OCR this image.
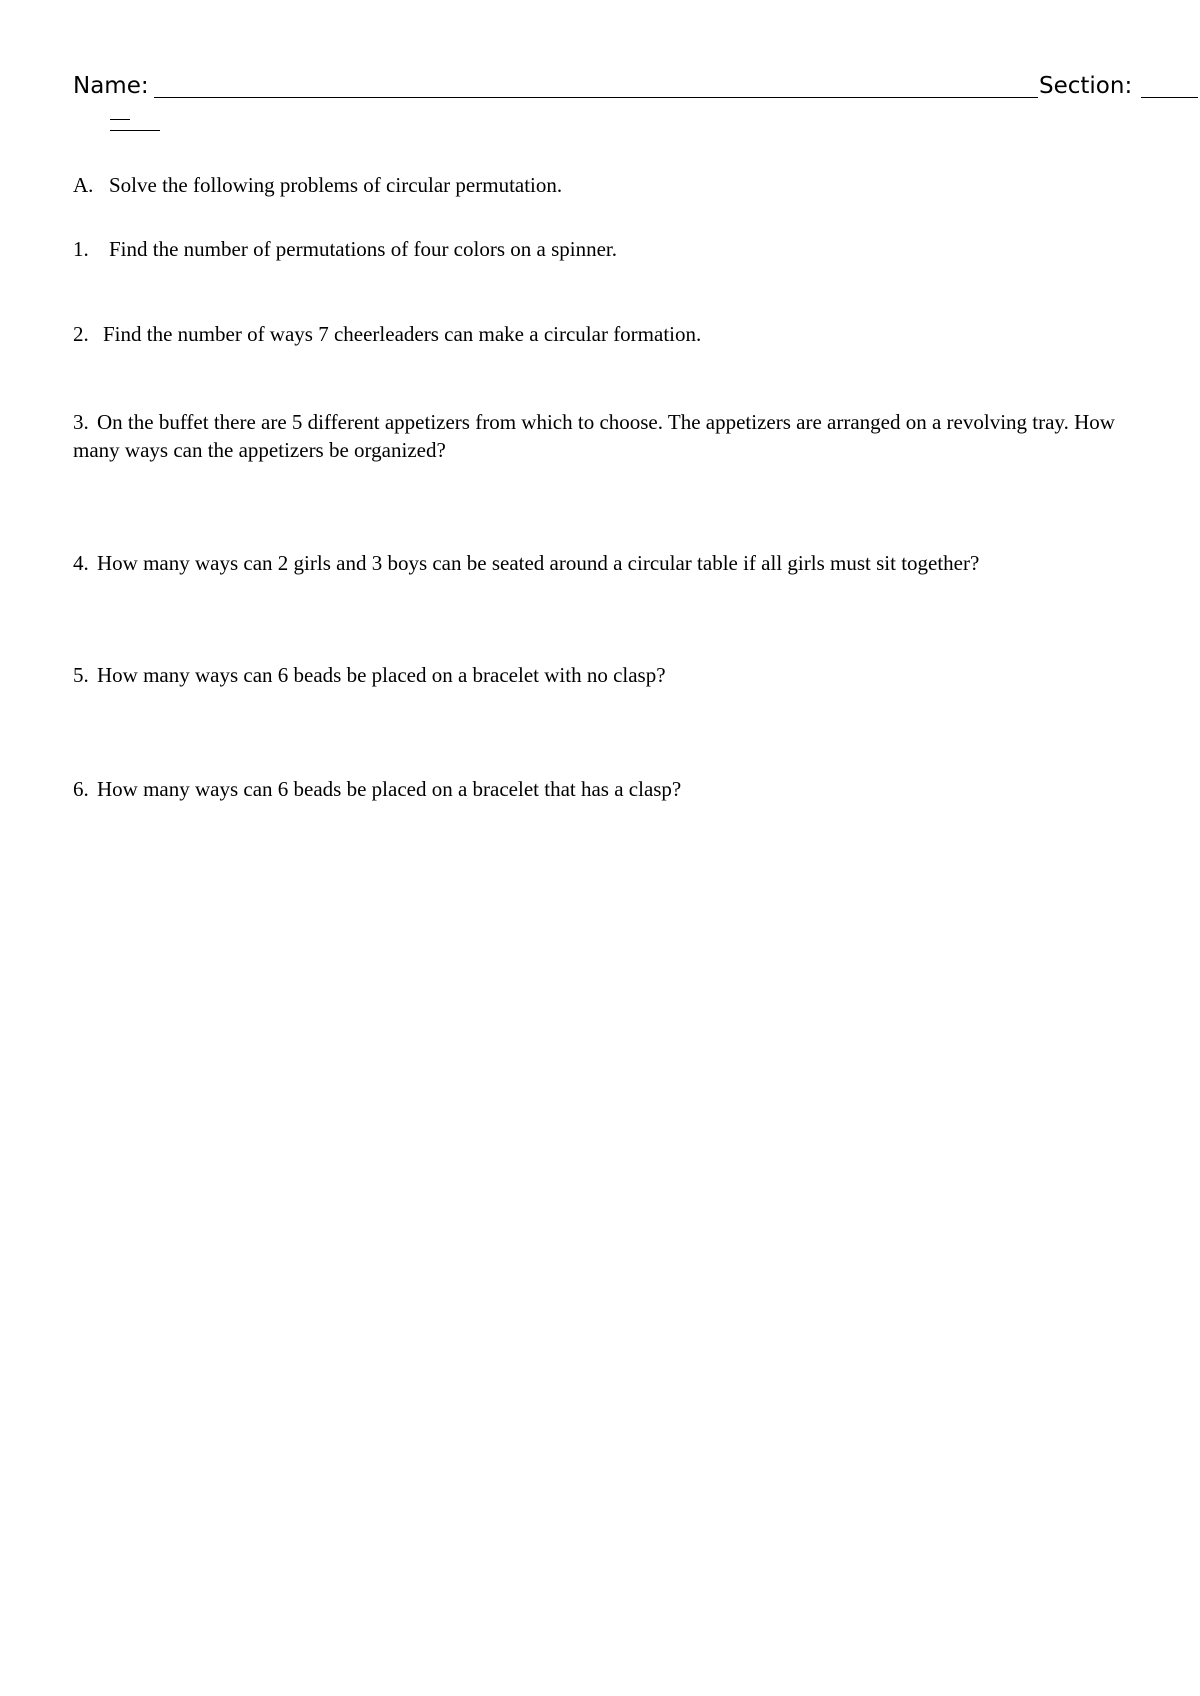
Name:	Section:
A. Solve the following problems of circular permutation.
1. Find the number of permutations of four colors on a spinner.
2. Find the number of ways 7 cheerleaders can make a circular formation.
3. On the buffet there are 5 different appetizers from which to choose. The appetizers are arranged on a revolving tray. How many ways can the appetizers be organized?
4. How many ways can 2 girls and 3 boys can be seated around a circular table if all girls must sit together?
5. How many ways can 6 beads be placed on a bracelet with no clasp?
6. How many ways can 6 beads be placed on a bracelet that has a clasp?
